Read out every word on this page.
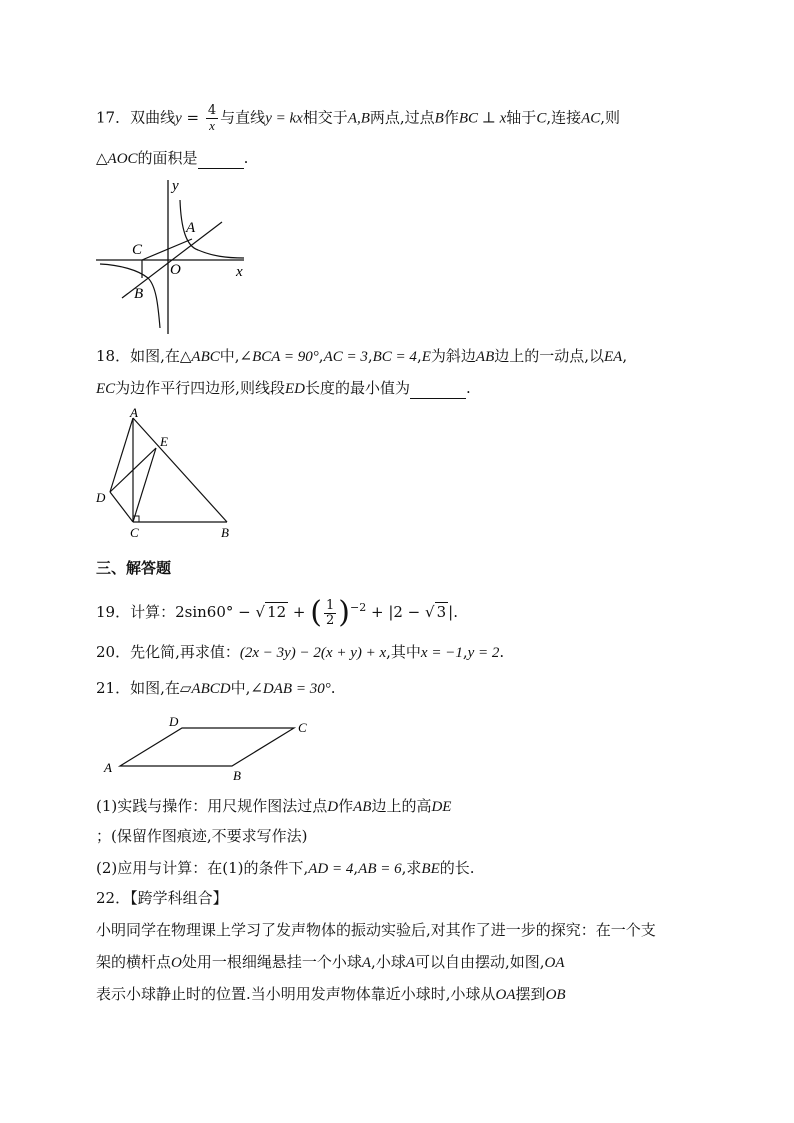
17．双曲线$y = \frac{4}{x}$ 与直线y = kx相交于A,B两点,过点B作BC ⊥ x轴于C,连接AC,则
△AOC的面积是	.
y
x
A
C
O
B
18．如图,在△ABC中,∠BCA = 90°,AC = 3,BC = 4,E为斜边AB边上的一动点,以EA,
EC为边作平行四边形,则线段ED长度的最小值为	.
A
E
D
C	B
三、解答题
19．计算：2sin60° − √ 12 + ( $\frac{1}{2} )^{-2} + |2$ − √ 3 |.
20．先化简,再求值：(2x − 3y) − 2(x + y) + x,其中x = −1,y = 2.
21．如图,在▱ABCD中,∠DAB = 30°.
D	C
A
B
(1)实践与操作：用尺规作图法过点D作AB边上的高DE
；(保留作图痕迹,不要求写作法)
(2)应用与计算：在(1)的条件下,AD = 4,AB = 6,求BE的长.
22．【跨学科组合】
小明同学在物理课上学习了发声物体的振动实验后,对其作了进一步的探究：在一个支
架的横杆点O处用一根细绳悬挂一个小球A,小球A可以自由摆动,如图,OA
表示小球静止时的位置.当小明用发声物体靠近小球时,小球从OA摆到OB
